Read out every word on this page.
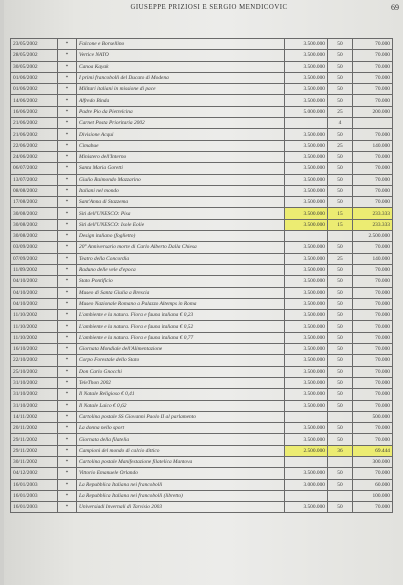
GIUSEPPE PRIZIOSI E SERGIO MENDICOVIC	69
23/05/2002	*	Falcone e Borsellino	3.500.000	50	70.000
28/05/2002	*	Vertice NATO	3.500.000	50	70.000
30/05/2002	*	Canoa Kayak	3.500.000	50	70.000
01/06/2002	*	I primi francobolli del Ducato di Modena	3.500.000	50	70.000
01/06/2002	*	Militari italiani in missione di pace	3.500.000	50	70.000
14/06/2002	*	Alfredo Binda	3.500.000	50	70.000
16/06/2002	*	Padre Pio da Pietrelcina	5.000.000	25	200.000
21/06/2002	*	Carnet Posta Prioritaria 2002		4	
21/06/2002	*	Divisione Acqui	3.500.000	50	70.000
22/06/2002	*	Cimabue	3.500.000	25	140.000
24/06/2002	*	Ministero dell'Interno	3.500.000	50	70.000
06/07/2002	*	Santa Maria Goretti	3.500.000	50	70.000
13/07/2002	*	Giulio Raimondo Mazzarino	3.500.000	50	70.000
08/08/2002	*	Italiani nel mondo	3.500.000	50	70.000
17/08/2002	*	Sant'Anna di Stazzema	3.500.000	50	70.000
30/08/2002	*	Siti dell'UNESCO: Pisa	3.500.000	15	233.333
30/08/2002	*	Siti dell'UNESCO: Isole Eolie	3.500.000	15	233.333
30/08/2002	*	Design italiano (foglietto)			2.500.000
03/09/2002	*	20° Anniversario morte di Carlo Alberto Dalla Chiesa	3.500.000	50	70.000
07/09/2002	*	Teatro della Concordia	3.500.000	25	140.000
11/09/2002	*	Raduno delle vele d'epoca	3.500.000	50	70.000
04/10/2002	*	Stato Pontificio	3.500.000	50	70.000
04/10/2002	*	Museo di Santa Giulia a Brescia	3.500.000	50	70.000
04/10/2002	*	Museo Nazionale Romano a Palazzo Altemps in Roma	3.500.000	50	70.000
11/10/2002	*	L'ambiente e la natura. Flora e fauna italiana € 0,23	3.500.000	50	70.000
11/10/2002	*	L'ambiente e la natura. Flora e fauna italiana € 0,52	3.500.000	50	70.000
11/10/2002	*	L'ambiente e la natura. Flora e fauna italiana € 0,77	3.500.000	50	70.000
16/10/2002	*	Giornata Mondiale dell'Alimentazione	3.500.000	50	70.000
22/10/2002	*	Corpo Forestale dello Stato	3.500.000	50	70.000
25/10/2002	*	Don Carlo Gnocchi	3.500.000	50	70.000
31/10/2002	*	TeleThon 2002	3.500.000	50	70.000
31/10/2002	*	Il Natale Religioso € 0,41	3.500.000	50	70.000
31/10/2002	*	Il Natale Laico € 0,62	3.500.000	50	70.000
14/11/2002	*	Cartolina postale SS Giovanni Paolo II al parlamento			500.000
20/11/2002	*	La donna nello sport	3.500.000	50	70.000
29/11/2002	*	Giornata della filatelia	3.500.000	50	70.000
29/11/2002	*	Campioni del mondo di calcio dittico	2.500.000	36	69.444
30/11/2002	*	Cartolina postale Manifestazione filatelica Mantova			300.000
04/12/2002	*	Vittorio Emanuele Orlando	3.500.000	50	70.000
16/01/2003	*	La Repubblica Italiana nei francobolli	3.000.000	50	60.000
16/01/2003	*	La Repubblica Italiana nei francobolli (libretto)			100.000
16/01/2003	*	Universiadi Invernali di Tarvisio 2003	3.500.000	50	70.000
